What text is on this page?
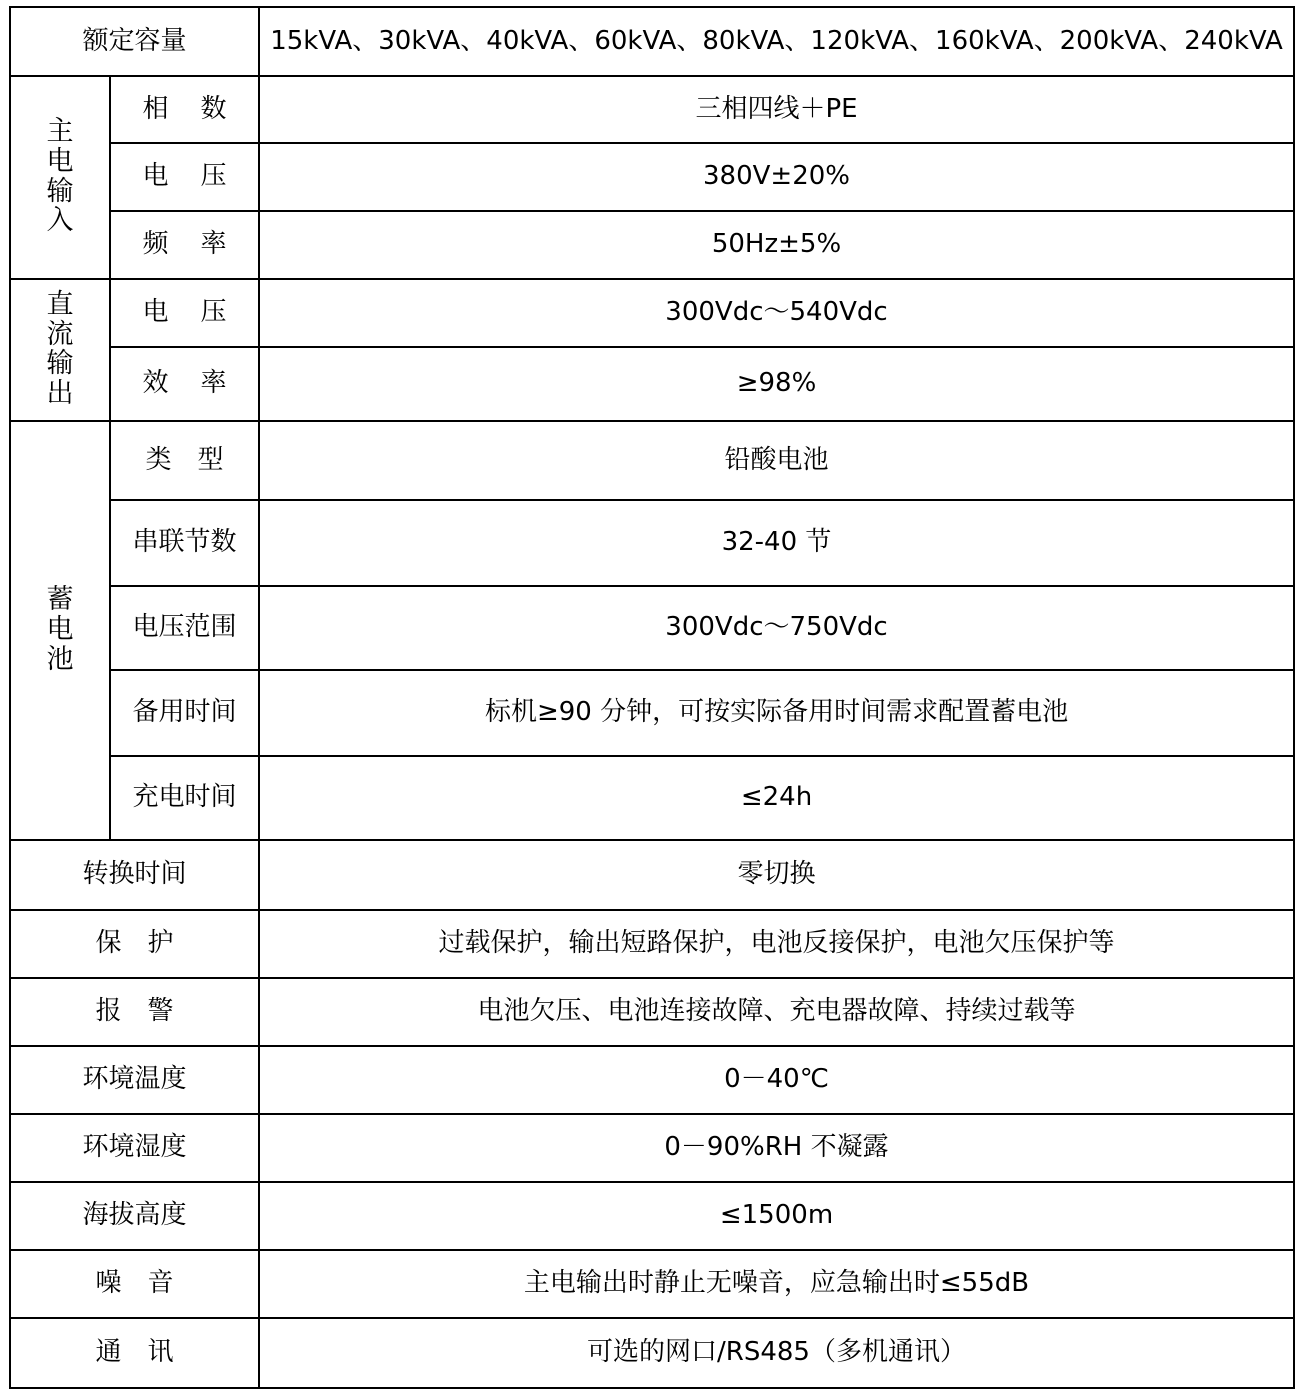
额定容量		15kVA、30kVA、40kVA、60kVA、80kVA、120kVA、160kVA、200kVA、240kVA
主电输入	相 数	三相四线＋PE
	电 压	380V±20%
	频 率	50Hz±5%
直流输出	电 压	300Vdc～540Vdc
	效 率	≥98%
蓄电池	类　型	铅酸电池
	串联节数	32-40 节
	电压范围	300Vdc～750Vdc
	备用时间	标机≥90 分钟，可按实际备用时间需求配置蓄电池
	充电时间	≤24h
转换时间		零切换
保　护		过载保护，输出短路保护，电池反接保护，电池欠压保护等
报　警		电池欠压、电池连接故障、充电器故障、持续过载等
环境温度		0－40℃
环境湿度		0－90%RH 不凝露
海拔高度		≤1500m
噪　音		主电输出时静止无噪音，应急输出时≤55dB
通　讯		可选的网口/RS485（多机通讯）
